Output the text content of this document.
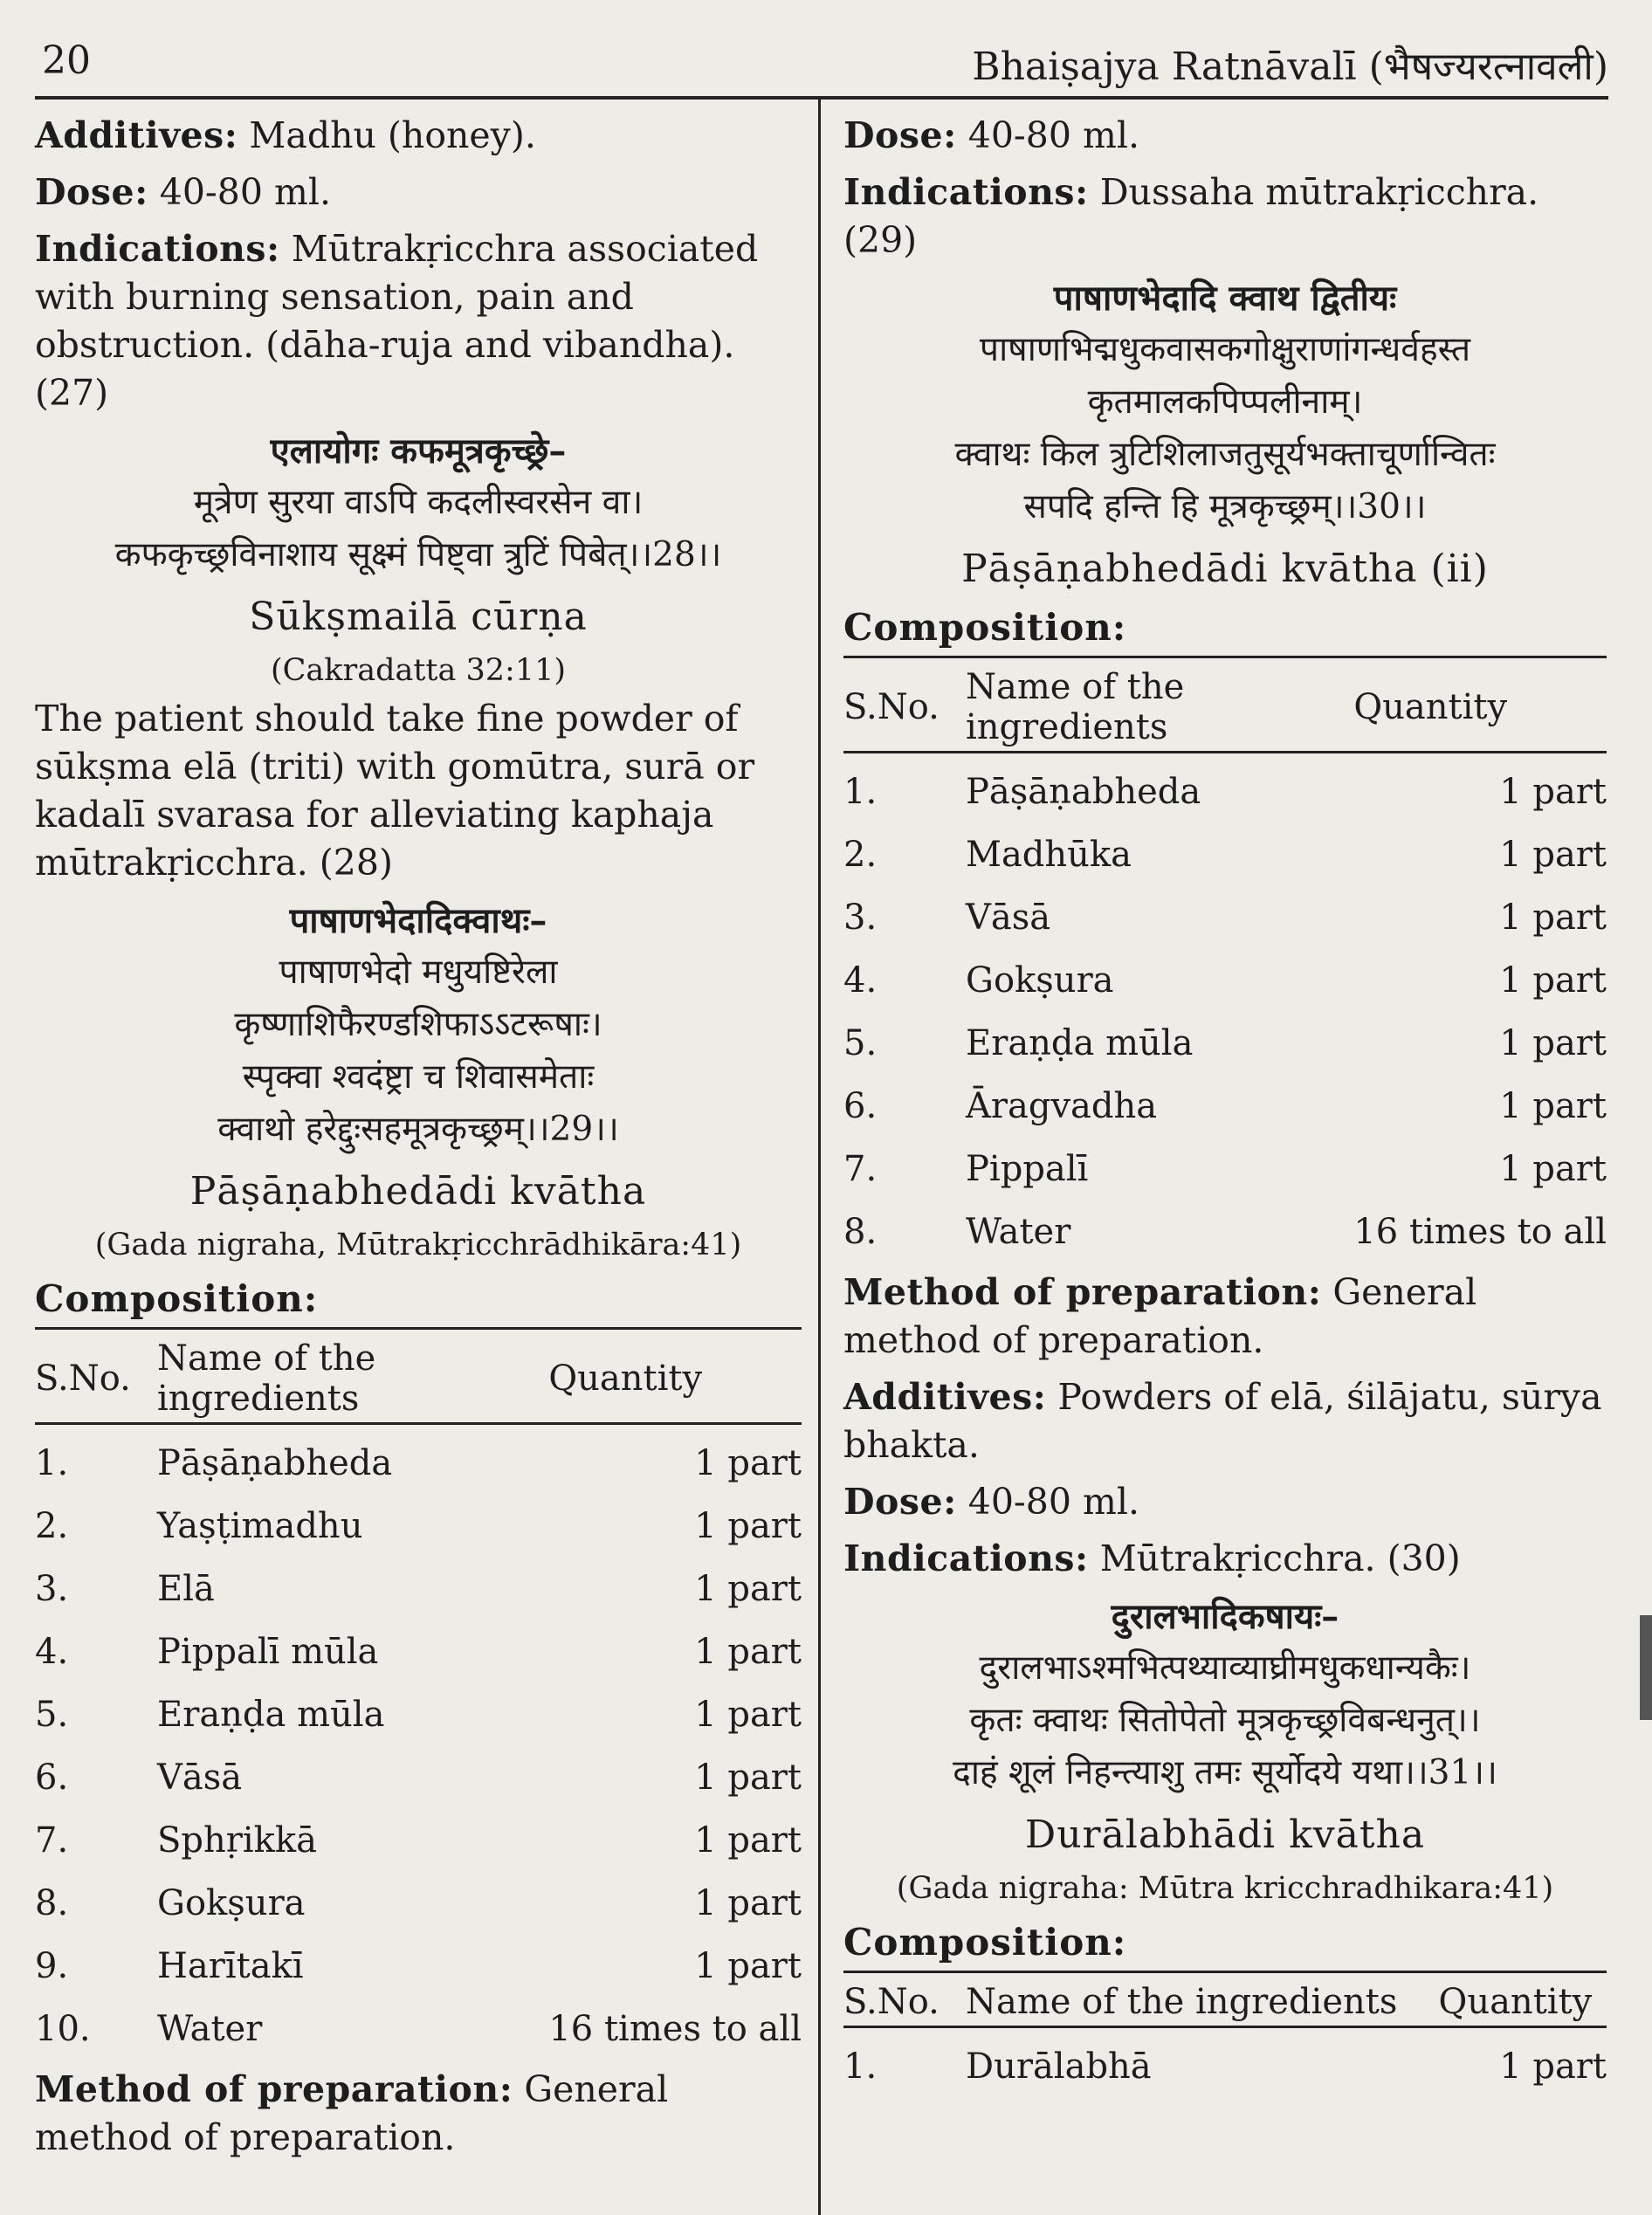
20	Bhaiṣajya Ratnāvalī (भैषज्यरत्नावली)

Additives: Madhu (honey).

Dose: 40-80 ml.

Indications: Mūtrakṛicchra associated with burning sensation, pain and obstruction. (dāha-ruja and vibandha). (27)

एलायोगः कफमूत्रकृच्छ्रे–

मूत्रेण सुरया वाऽपि कदलीस्वरसेन वा।

कफकृच्छ्रविनाशाय सूक्ष्मं पिष्ट्वा त्रुटिं पिबेत्।।28।।

Sūkṣmailā cūrṇa

(Cakradatta 32:11)

The patient should take fine powder of sūkṣma elā (triti) with gomūtra, surā or kadalī svarasa for alleviating kaphaja mūtrakṛicchra. (28)

पाषाणभेदादिक्वाथः–

पाषाणभेदो मधुयष्टिरेला

कृष्णाशिफैरण्डशिफाऽऽटरूषाः।

स्पृक्वा श्वदंष्ट्रा च शिवासमेताः

क्वाथो हरेद्दुःसहमूत्रकृच्छ्रम्।।29।।

Pāṣāṇabhedādi kvātha

(Gada nigraha, Mūtrakṛicchrādhikāra:41)

Composition:

S.No.	Name of the ingredients	Quantity
1.	Pāṣāṇabheda	1 part
2.	Yaṣṭimadhu	1 part
3.	Elā	1 part
4.	Pippalī mūla	1 part
5.	Eraṇḍa mūla	1 part
6.	Vāsā	1 part
7.	Sphṛikkā	1 part
8.	Gokṣura	1 part
9.	Harītakī	1 part
10.	Water	16 times to all

Method of preparation: General method of preparation.

Dose: 40-80 ml.

Indications: Dussaha mūtrakṛicchra. (29)

पाषाणभेदादि क्वाथ द्वितीयः

पाषाणभिद्मधुकवासकगोक्षुराणांगन्धर्वहस्त

कृतमालकपिप्पलीनाम्।

क्वाथः किल त्रुटिशिलाजतुसूर्यभक्ताचूर्णान्वितः

सपदि हन्ति हि मूत्रकृच्छ्रम्।।30।।

Pāṣāṇabhedādi kvātha (ii)

Composition:

S.No.	Name of the ingredients	Quantity
1.	Pāṣāṇabheda	1 part
2.	Madhūka	1 part
3.	Vāsā	1 part
4.	Gokṣura	1 part
5.	Eraṇḍa mūla	1 part
6.	Āragvadha	1 part
7.	Pippalī	1 part
8.	Water	16 times to all

Method of preparation: General method of preparation.

Additives: Powders of elā, śilājatu, sūrya bhakta.

Dose: 40-80 ml.

Indications: Mūtrakṛicchra. (30)

दुरालभादिकषायः–

दुरालभाऽश्मभित्पथ्याव्याघ्रीमधुकधान्यकैः।

कृतः क्वाथः सितोपेतो मूत्रकृच्छ्रविबन्धनुत्।।

दाहं शूलं निहन्त्याशु तमः सूर्योदये यथा।।31।।

Durālabhādi kvātha

(Gada nigraha: Mūtra kricchradhikara:41)

Composition:

S.No.	Name of the ingredients	Quantity
1.	Durālabhā	1 part
